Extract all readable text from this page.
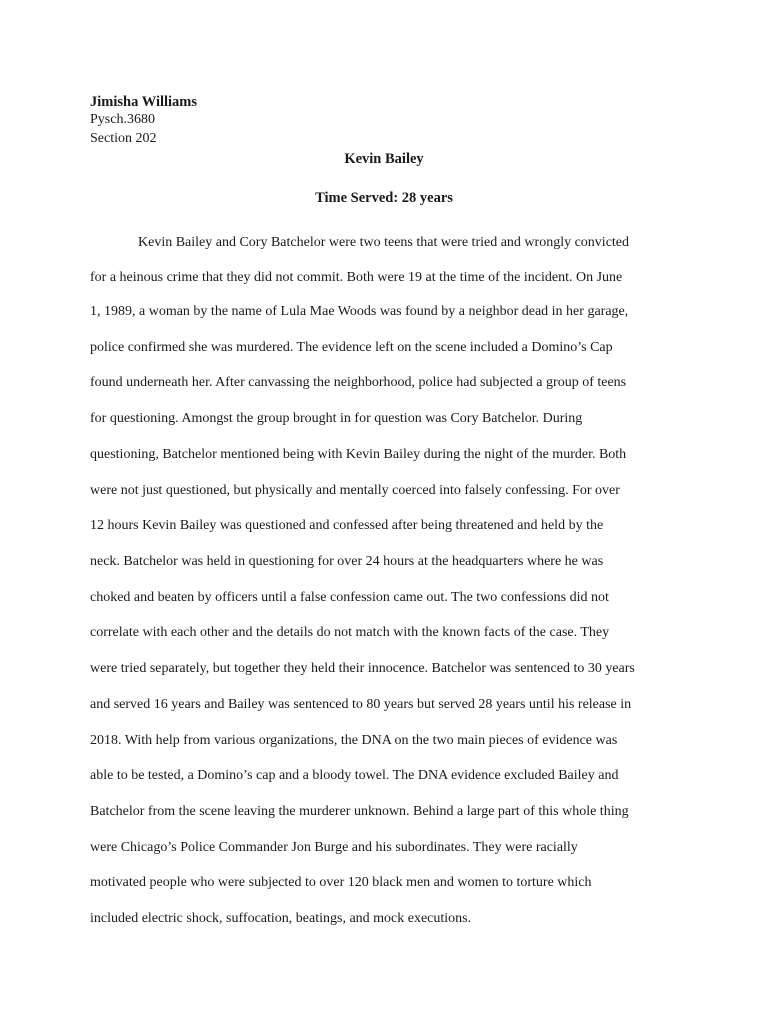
Jimisha Williams
Pysch.3680
Section 202
Kevin Bailey
Time Served: 28 years
Kevin Bailey and Cory Batchelor were two teens that were tried and wrongly convicted
for a heinous crime that they did not commit. Both were 19 at the time of the incident. On June
1, 1989, a woman by the name of Lula Mae Woods was found by a neighbor dead in her garage,
police confirmed she was murdered. The evidence left on the scene included a Domino’s Cap
found underneath her. After canvassing the neighborhood, police had subjected a group of teens
for questioning. Amongst the group brought in for question was Cory Batchelor. During
questioning, Batchelor mentioned being with Kevin Bailey during the night of the murder. Both
were not just questioned, but physically and mentally coerced into falsely confessing. For over
12 hours Kevin Bailey was questioned and confessed after being threatened and held by the
neck. Batchelor was held in questioning for over 24 hours at the headquarters where he was
choked and beaten by officers until a false confession came out. The two confessions did not
correlate with each other and the details do not match with the known facts of the case. They
were tried separately, but together they held their innocence. Batchelor was sentenced to 30 years
and served 16 years and Bailey was sentenced to 80 years but served 28 years until his release in
2018. With help from various organizations, the DNA on the two main pieces of evidence was
able to be tested, a Domino’s cap and a bloody towel. The DNA evidence excluded Bailey and
Batchelor from the scene leaving the murderer unknown. Behind a large part of this whole thing
were Chicago’s Police Commander Jon Burge and his subordinates. They were racially
motivated people who were subjected to over 120 black men and women to torture which
included electric shock, suffocation, beatings, and mock executions.
